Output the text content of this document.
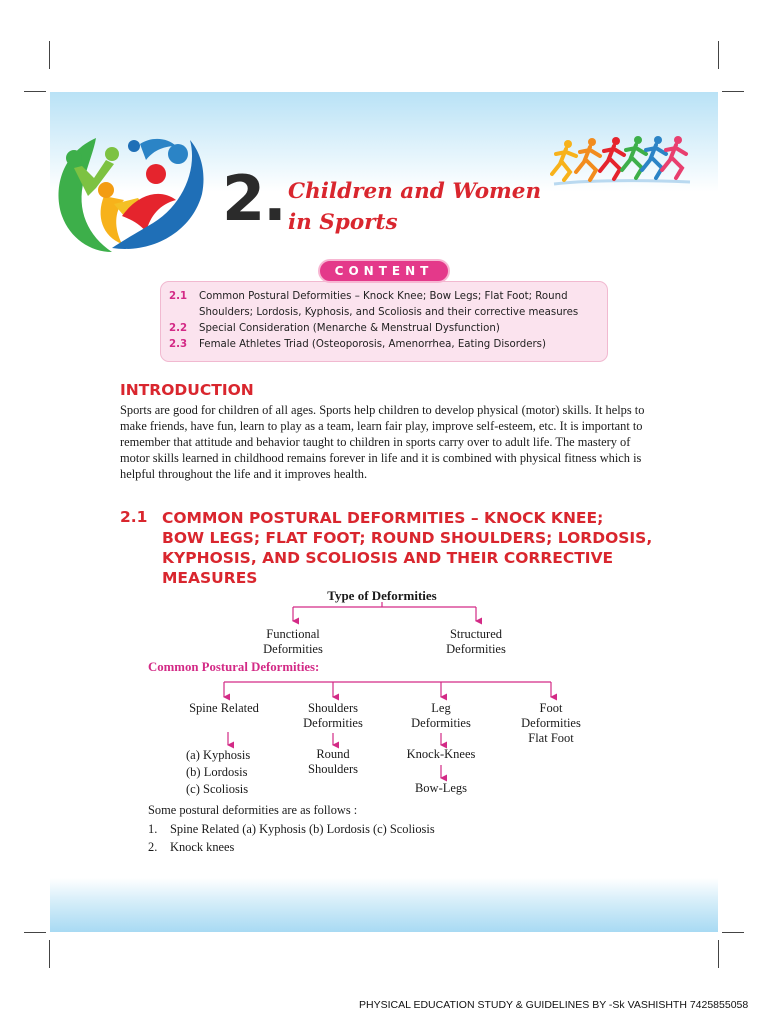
2. Children and Women
in Sports
2.1	Common Postural Deformities – Knock Knee; Bow Legs; Flat Foot; Round
Shoulders; Lordosis, Kyphosis, and Scoliosis and their corrective measures
2.2	Special Consideration (Menarche & Menstrual Dysfunction)
2.3	Female Athletes Triad (Osteoporosis, Amenorrhea, Eating Disorders)
CONTENT
INTRODUCTION

Sports are good for children of all ages. Sports help children to develop physical (motor) skills. It helps to make friends, have fun, learn to play as a team, learn fair play, improve self-esteem, etc. It is important to remember that attitude and behavior taught to children in sports carry over to adult life. The mastery of motor skills learned in childhood remains forever in life and it is combined with physical fitness which is helpful throughout the life and it improves health.

2.1 COMMON POSTURAL DEFORMITIES – KNOCK KNEE;
BOW LEGS; FLAT FOOT; ROUND SHOULDERS; LORDOSIS,
KYPHOSIS, AND SCOLIOSIS AND THEIR CORRECTIVE
MEASURES
Type of Deformities
Functional
Deformities
Structured
Deformities
Common Postural Deformities:
Spine Related
(a) Kyphosis
(b) Lordosis
(c) Scoliosis
Shoulders
Deformities
Round
Shoulders
Leg
Deformities
Knock-Knees
Bow-Legs
Foot
Deformities
Flat Foot
Some postural deformities are as follows :
1. Spine Related (a) Kyphosis (b) Lordosis (c) Scoliosis
2. Knock knees
PHYSICAL EDUCATION STUDY & GUIDELINES BY -Sk VASHISHTH 7425855058
